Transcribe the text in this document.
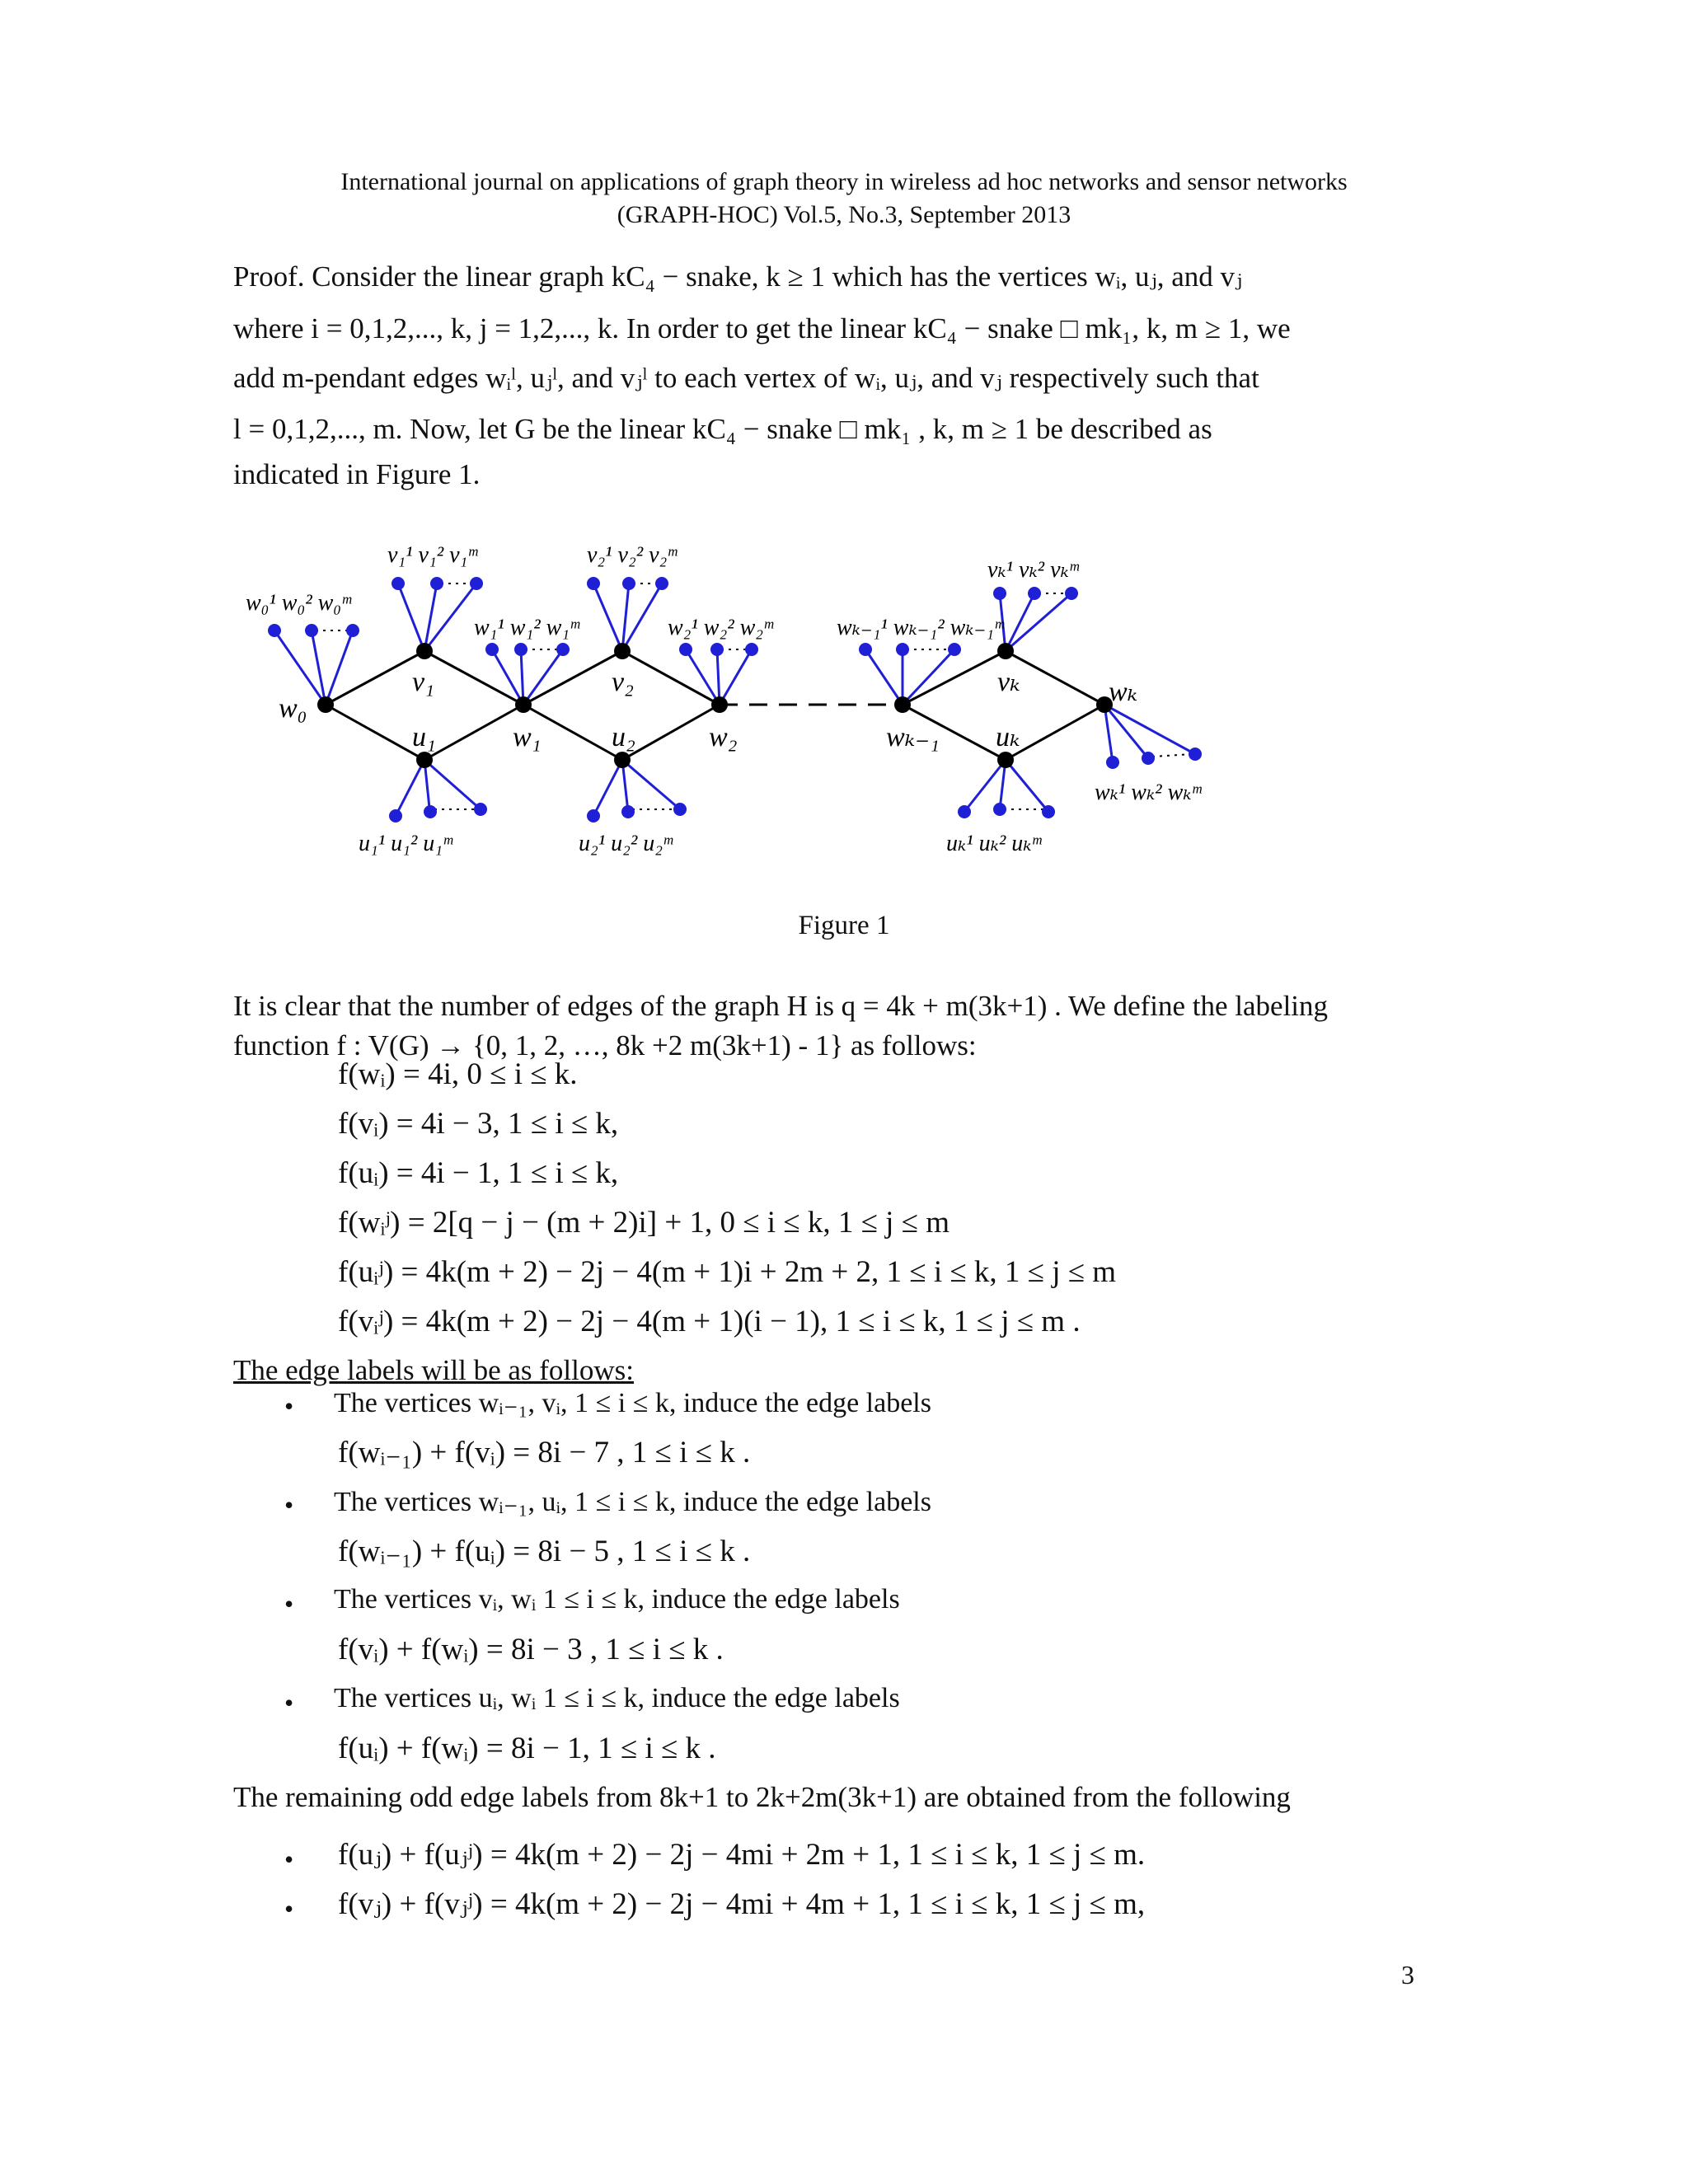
International journal on applications of graph theory in wireless ad hoc networks and sensor networks
(GRAPH-HOC) Vol.5, No.3, September 2013
Proof. Consider the linear graph kC₄ − snake, k ≥ 1 which has the vertices wᵢ, uⱼ, and vⱼ
where i = 0,1,2,..., k, j = 1,2,..., k. In order to get the linear kC₄ − snake □ mk₁, k, m ≥ 1, we
add m-pendant edges wᵢˡ, uⱼˡ, and vⱼˡ to each vertex of wᵢ, uⱼ, and vⱼ respectively such that
l = 0,1,2,..., m. Now, let G be the linear kC₄ − snake □ mk₁ , k, m ≥ 1 be described as
indicated in Figure 1.
w₀
v₁
u₁	w₁
v₂
u₂	w₂	wₖ₋₁
vₖ
uₖ
wₖ
w₀¹ w₀² w₀ᵐ
v₁¹ v₁² v₁ᵐ
w₁¹ w₁² w₁ᵐ
v₂¹ v₂² v₂ᵐ
w₂¹ w₂² w₂ᵐ	wₖ₋₁¹ wₖ₋₁² wₖ₋₁ᵐ
vₖ¹ vₖ² vₖᵐ
u₁¹ u₁² u₁ᵐ	u₂¹ u₂² u₂ᵐ	uₖ¹ uₖ² uₖᵐ
wₖ¹ wₖ² wₖᵐ
Figure 1
It is clear that the number of edges of the graph H is q = 4k + m(3k+1) . We define the labeling
function f : V(G) → {0, 1, 2, …, 8k +2 m(3k+1) - 1} as follows:
f(wᵢ) = 4i, 0 ≤ i ≤ k.
f(vᵢ) = 4i − 3, 1 ≤ i ≤ k,
f(uᵢ) = 4i − 1, 1 ≤ i ≤ k,
f(wᵢʲ) = 2[q − j − (m + 2)i] + 1, 0 ≤ i ≤ k, 1 ≤ j ≤ m
f(uᵢʲ) = 4k(m + 2) − 2j − 4(m + 1)i + 2m + 2, 1 ≤ i ≤ k, 1 ≤ j ≤ m
f(vᵢʲ) = 4k(m + 2) − 2j − 4(m + 1)(i − 1), 1 ≤ i ≤ k, 1 ≤ j ≤ m .
The edge labels will be as follows:
• The vertices wᵢ₋₁, vᵢ, 1 ≤ i ≤ k, induce the edge labels
f(wᵢ₋₁) + f(vᵢ) = 8i − 7 , 1 ≤ i ≤ k .
• The vertices wᵢ₋₁, uᵢ, 1 ≤ i ≤ k, induce the edge labels
f(wᵢ₋₁) + f(uᵢ) = 8i − 5 , 1 ≤ i ≤ k .
• The vertices vᵢ, wᵢ 1 ≤ i ≤ k, induce the edge labels
f(vᵢ) + f(wᵢ) = 8i − 3 , 1 ≤ i ≤ k .
• The vertices uᵢ, wᵢ 1 ≤ i ≤ k, induce the edge labels
f(uᵢ) + f(wᵢ) = 8i − 1, 1 ≤ i ≤ k .
The remaining odd edge labels from 8k+1 to 2k+2m(3k+1) are obtained from the following
• f(uⱼ) + f(uⱼʲ) = 4k(m + 2) − 2j − 4mi + 2m + 1, 1 ≤ i ≤ k, 1 ≤ j ≤ m.
• f(vⱼ) + f(vⱼʲ) = 4k(m + 2) − 2j − 4mi + 4m + 1, 1 ≤ i ≤ k, 1 ≤ j ≤ m,
3
